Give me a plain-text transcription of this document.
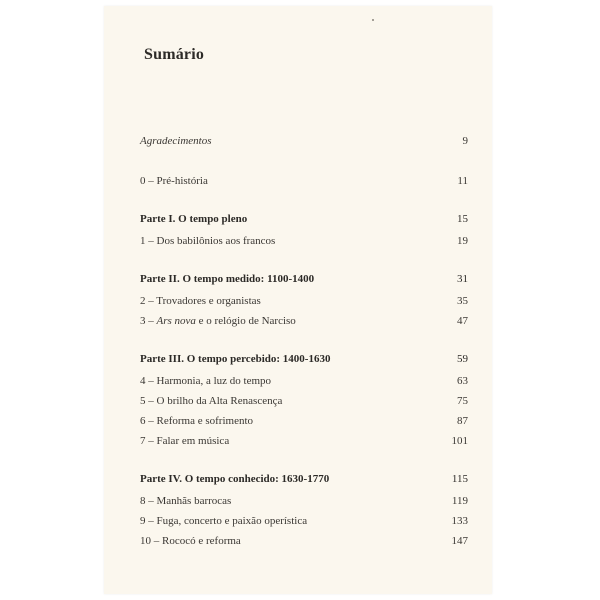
Sumário
Agradecimentos	9
0 – Pré-história	11
Parte I. O tempo pleno	15
1 – Dos babilônios aos francos	19
Parte II. O tempo medido: 1100-1400	31
2 – Trovadores e organistas	35
3 – Ars nova e o relógio de Narciso	47
Parte III. O tempo percebido: 1400-1630	59
4 – Harmonia, a luz do tempo	63
5 – O brilho da Alta Renascença	75
6 – Reforma e sofrimento	87
7 – Falar em música	101
Parte IV. O tempo conhecido: 1630-1770	115
8 – Manhãs barrocas	119
9 – Fuga, concerto e paixão operística	133
10 – Rococó e reforma	147
